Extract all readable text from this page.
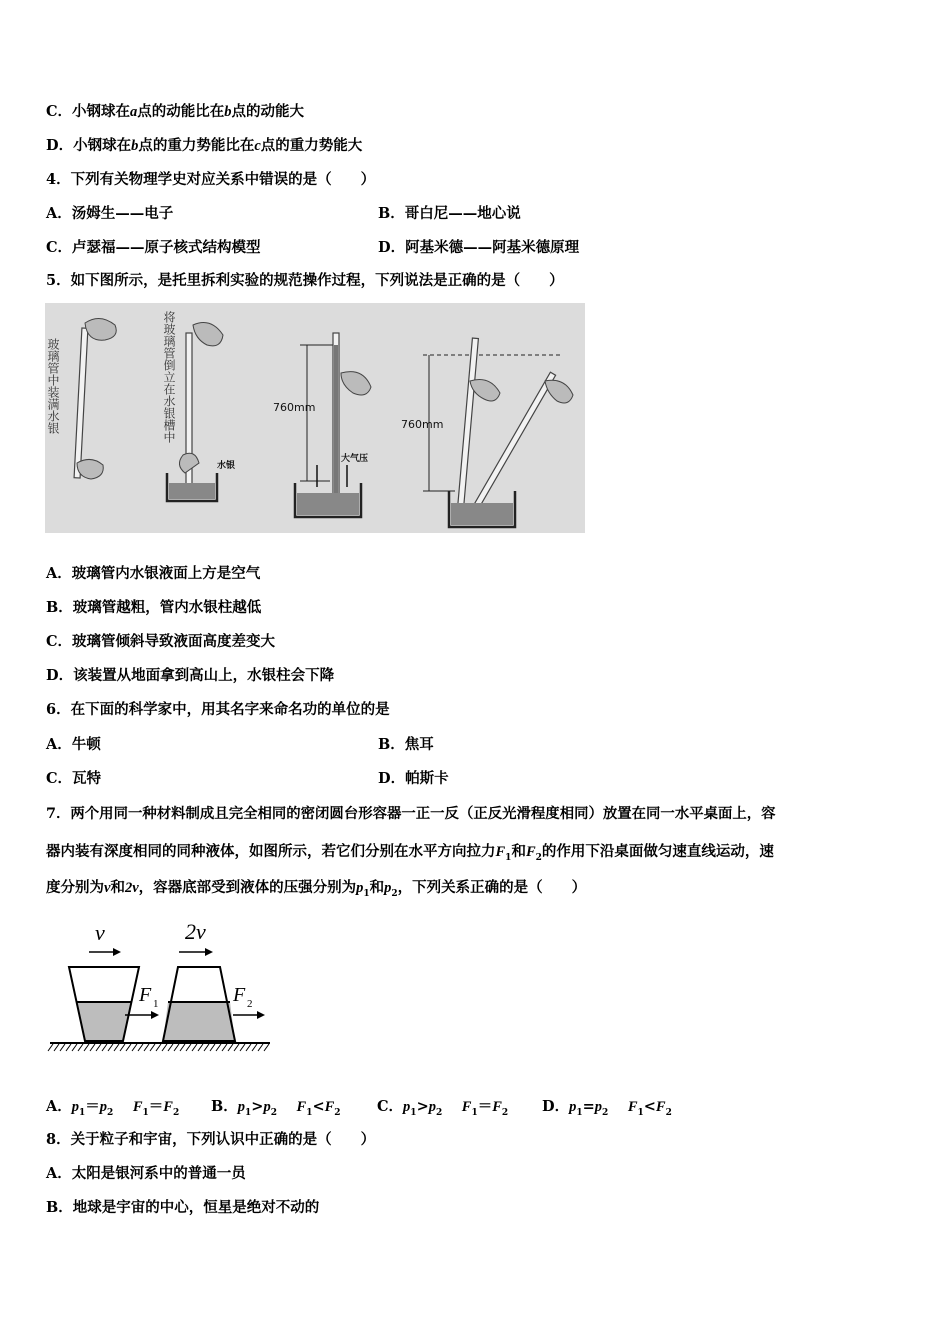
C．小钢球在a点的动能比在b点的动能大
D．小钢球在b点的重力势能比在c点的重力势能大
4．下列有关物理学史对应关系中错误的是（　　）
A．汤姆生——电子	B．哥白尼——地心说
C．卢瑟福——原子核式结构模型	D．阿基米德——阿基米德原理
5．如下图所示，是托里拆利实验的规范操作过程，下列说法是正确的是（　　）
玻璃管中装满水银	将玻璃管倒立在水银槽中
水银
760mm
大气压
760mm
A．玻璃管内水银液面上方是空气
B．玻璃管越粗，管内水银柱越低
C．玻璃管倾斜导致液面高度差变大
D．该装置从地面拿到高山上，水银柱会下降
6．在下面的科学家中，用其名字来命名功的单位的是
A．牛顿	B．焦耳
C．瓦特	D．帕斯卡
7．两个用同一种材料制成且完全相同的密闭圆台形容器一正一反（正反光滑程度相同）放置在同一水平桌面上，容
器内装有深度相同的同种液体，如图所示，若它们分别在水平方向拉力$F_1$和$F_2$的作用下沿桌面做匀速直线运动，速
度分别为v和2v，容器底部受到液体的压强分别为$p_1$和$p_2$，下列关系正确的是（　　）
v	2v
F 1	F 2
A．$p_1=p_2$　 $F_1=F_2$ B．$p_1>p_2$　 $F_1<F_2$	C．$p_1>p_2$　 $F_1=F_2$ D．$p_1=p_2$　 $F_1<F_2$
8．关于粒子和宇宙，下列认识中正确的是（　　）
A．太阳是银河系中的普通一员
B．地球是宇宙的中心，恒星是绝对不动的
